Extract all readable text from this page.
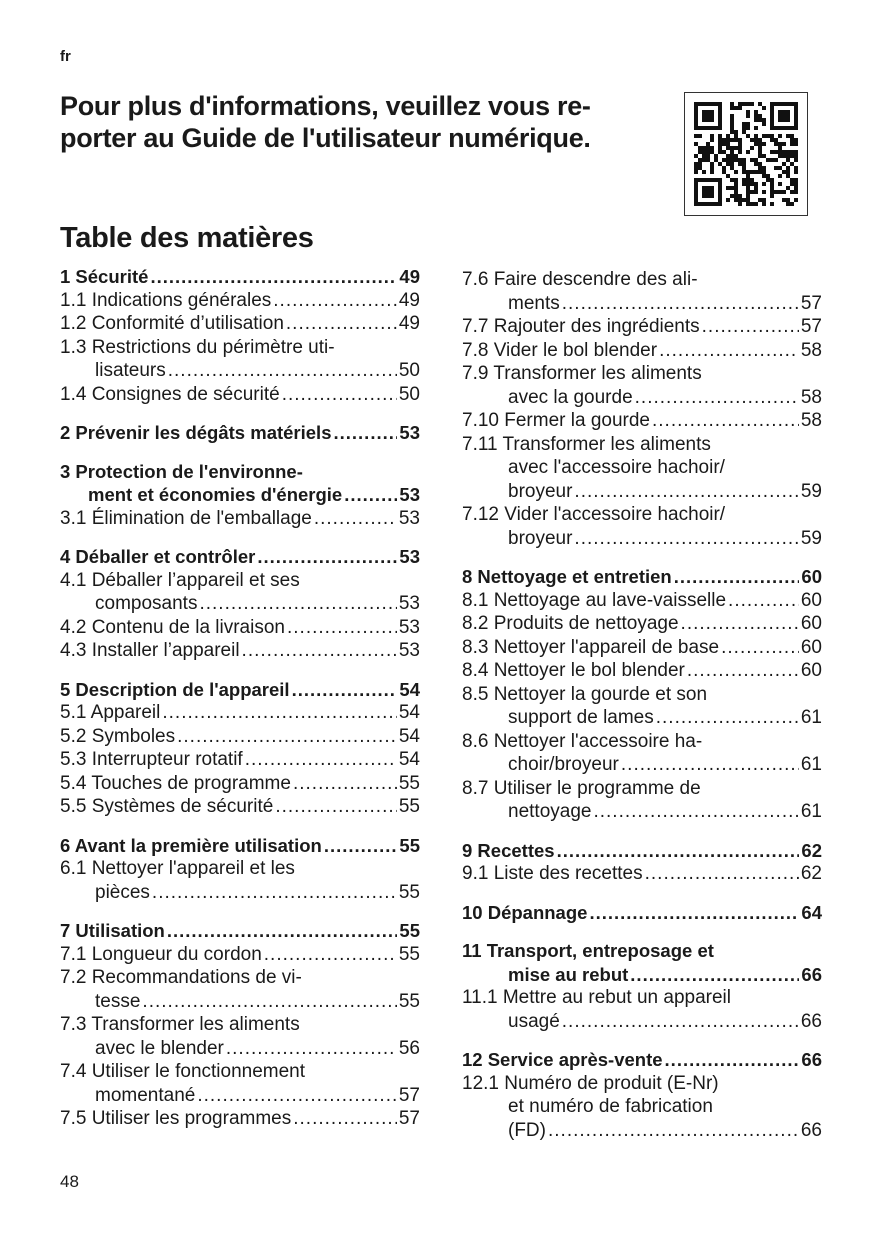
fr
Pour plus d'informations, veuillez vous re-
porter au Guide de l'utilisateur numérique.
Table des matières
1 Sécurité .....	49
1.1 Indications générales .....	49
1.2 Conformité d’utilisation .....	49
1.3 Restrictions du périmètre uti-
lisateurs .....	50
1.4 Consignes de sécurité .....	50
2 Prévenir les dégâts matériels .....	53
3 Protection de l'environne-
ment et économies d'énergie .....	53
3.1 Élimination de l'emballage .....	53
4 Déballer et contrôler .....	53
4.1 Déballer l’appareil et ses
composants .....	53
4.2 Contenu de la livraison .....	53
4.3 Installer l’appareil .....	53
5 Description de l'appareil .....	54
5.1 Appareil .....	54
5.2 Symboles .....	54
5.3 Interrupteur rotatif .....	54
5.4 Touches de programme .....	55
5.5 Systèmes de sécurité .....	55
6 Avant la première utilisation .....	55
6.1 Nettoyer l'appareil et les
pièces .....	55
7 Utilisation .....	55
7.1 Longueur du cordon .....	55
7.2 Recommandations de vi-
tesse .....	55
7.3 Transformer les aliments
avec le blender .....	56
7.4 Utiliser le fonctionnement
momentané .....	57
7.5 Utiliser les programmes .....	57
7.6 Faire descendre des ali-
ments .....	57
7.7 Rajouter des ingrédients .....	57
7.8 Vider le bol blender .....	58
7.9 Transformer les aliments
avec la gourde .....	58
7.10 Fermer la gourde .....	58
7.11 Transformer les aliments
avec l'accessoire hachoir/
broyeur .....	59
7.12 Vider l'accessoire hachoir/
broyeur .....	59
8 Nettoyage et entretien .....	60
8.1 Nettoyage au lave-vaisselle .....	60
8.2 Produits de nettoyage .....	60
8.3 Nettoyer l'appareil de base .....	60
8.4 Nettoyer le bol blender .....	60
8.5 Nettoyer la gourde et son
support de lames .....	61
8.6 Nettoyer l'accessoire ha-
choir/broyeur .....	61
8.7 Utiliser le programme de
nettoyage .....	61
9 Recettes .....	62
9.1 Liste des recettes .....	62
10 Dépannage .....	64
11 Transport, entreposage et
mise au rebut .....	66
11.1 Mettre au rebut un appareil
usagé .....	66
12 Service après-vente .....	66
12.1 Numéro de produit (E-Nr)
et numéro de fabrication
(FD) .....	66
48
